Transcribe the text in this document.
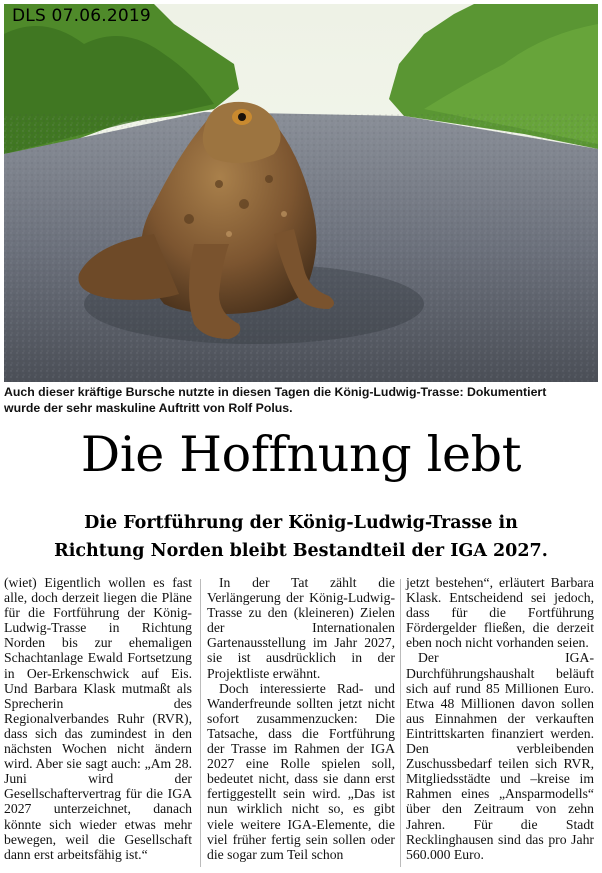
DLS 07.06.2019
Auch dieser kräftige Bursche nutzte in diesen Tagen die König-Ludwig-Trasse: Dokumentiert wurde der sehr maskuline Auftritt von Rolf Polus.
Die Hoffnung lebt
Die Fortführung der König-Ludwig-Trasse in
Richtung Norden bleibt Bestandteil der IGA 2027.

(wiet) Eigentlich wollen es fast alle, doch derzeit liegen die Pläne für die Fortführung der König-Ludwig-Trasse in Richtung Norden bis zur ehemaligen Schachtanlage Ewald Fortsetzung in Oer-Erkenschwick auf Eis. Und Barbara Klask mutmaßt als Sprecherin des Regionalverbandes Ruhr (RVR), dass sich das zumindest in den nächsten Wochen nicht ändern wird. Aber sie sagt auch: „Am 28. Juni wird der Gesellschaftervertrag für die IGA 2027 unterzeichnet, danach könnte sich wieder etwas mehr bewegen, weil die Gesellschaft dann erst arbeitsfähig ist.“

In der Tat zählt die Verlängerung der König-Ludwig-Trasse zu den (kleineren) Zielen der Internationalen Gartenausstellung im Jahr 2027, sie ist ausdrücklich in der Projektliste erwähnt.

Doch interessierte Rad- und Wanderfreunde sollten jetzt nicht sofort zusammenzucken: Die Tatsache, dass die Fortführung der Trasse im Rahmen der IGA 2027 eine Rolle spielen soll, bedeutet nicht, dass sie dann erst fertiggestellt sein wird. „Das ist nun wirklich nicht so, es gibt viele weitere IGA-Elemente, die viel früher fertig sein sollen oder die sogar zum Teil schon

jetzt bestehen“, erläutert Barbara Klask. Entscheidend sei jedoch, dass für die Fortführung Fördergelder fließen, die derzeit eben noch nicht vorhanden seien.

Der IGA-Durchführungshaushalt beläuft sich auf rund 85 Millionen Euro. Etwa 48 Millionen davon sollen aus Einnahmen der verkauften Eintrittskarten finanziert werden. Den verbleibenden Zuschussbedarf teilen sich RVR, Mitgliedsstädte und –kreise im Rahmen eines „Ansparmodells“ über den Zeitraum von zehn Jahren. Für die Stadt Recklinghausen sind das pro Jahr 560.000 Euro.
